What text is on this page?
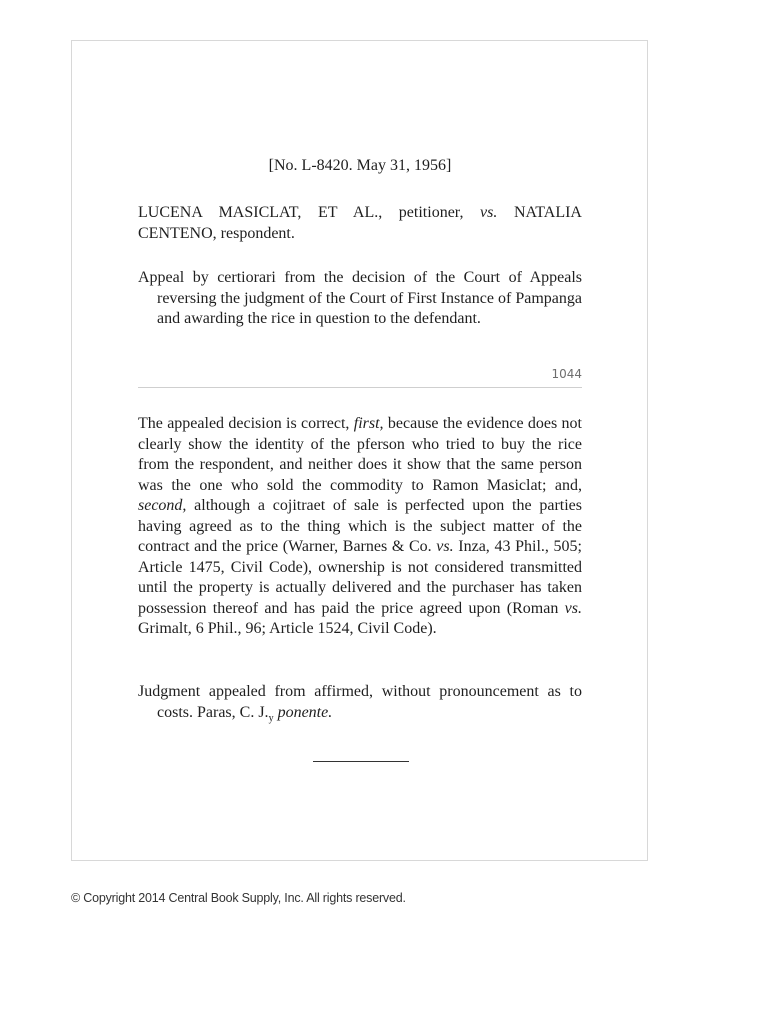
[No. L-8420. May 31, 1956]
LUCENA MASICLAT, ET AL., petitioner, vs. NATALIA CENTENO, respondent.

Appeal by certiorari from the decision of the Court of Appeals reversing the judgment of the Court of First Instance of Pampanga and awarding the rice in question to the defendant.

1044

The appealed decision is correct, first, because the evidence does not clearly show the identity of the pferson who tried to buy the rice from the respondent, and neither does it show that the same person was the one who sold the commodity to Ramon Masiclat; and, second, although a cojitraet of sale is perfected upon the parties having agreed as to the thing which is the subject matter of the contract and the price (Warner, Barnes & Co. vs. Inza, 43 Phil., 505; Article 1475, Civil Code), ownership is not considered transmitted until the property is actually delivered and the purchaser has taken possession thereof and has paid the price agreed upon (Roman vs. Grimalt, 6 Phil., 96; Article 1524, Civil Code).

Judgment appealed from affirmed, without pronouncement as to costs. Paras, C. $J._y$ ponente.

© Copyright 2014 Central Book Supply, Inc. All rights reserved.
